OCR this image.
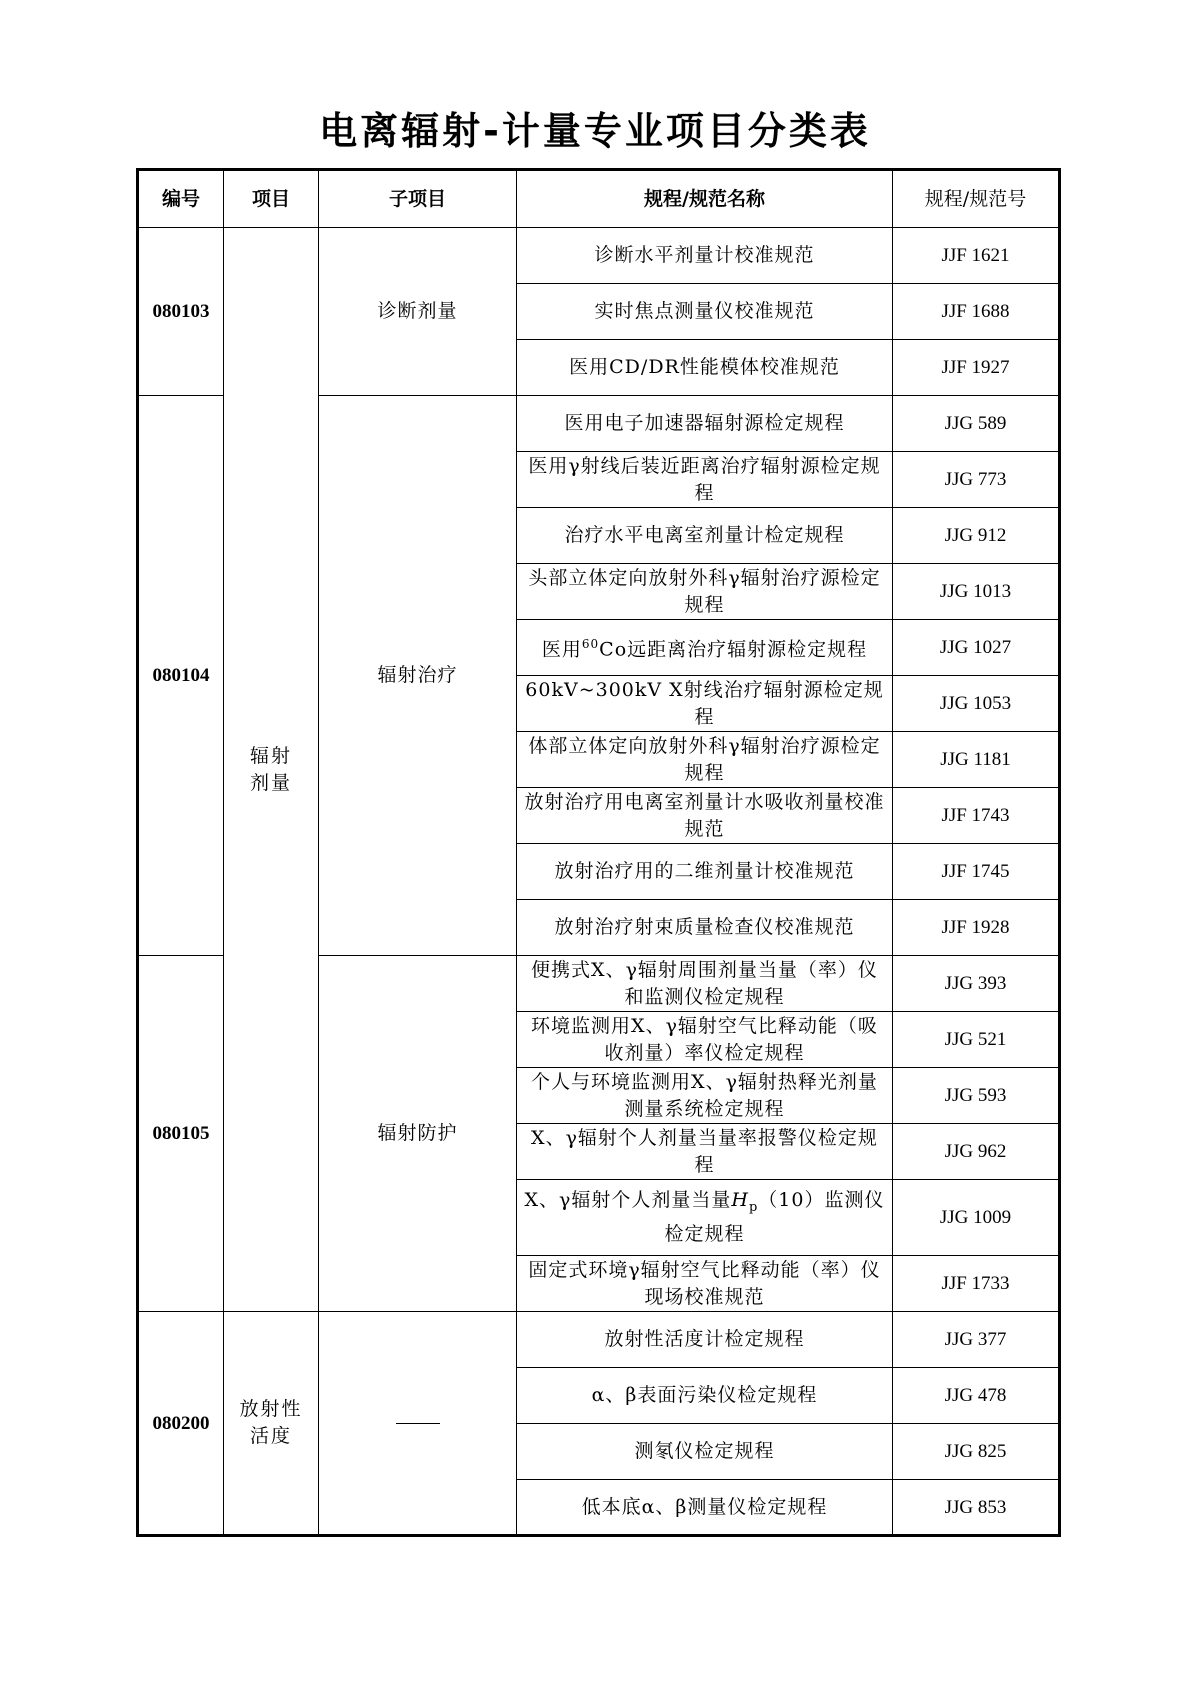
电离辐射-计量专业项目分类表
编号	项目	子项目	规程/规范名称	规程/规范号
080103	辐射剂量	诊断剂量	诊断水平剂量计校准规范	JJF 1621
			实时焦点测量仪校准规范	JJF 1688
			医用CD/DR性能模体校准规范	JJF 1927
080104		辐射治疗	医用电子加速器辐射源检定规程	JJG 589
			医用γ射线后装近距离治疗辐射源检定规程	JJG 773
			治疗水平电离室剂量计检定规程	JJG 912
			头部立体定向放射外科γ辐射治疗源检定规程	JJG 1013
			医用$^{60}$Co远距离治疗辐射源检定规程	JJG 1027
			60kV~300kV X射线治疗辐射源检定规程	JJG 1053
			体部立体定向放射外科γ辐射治疗源检定规程	JJG 1181
			放射治疗用电离室剂量计水吸收剂量校准规范	JJF 1743
			放射治疗用的二维剂量计校准规范	JJF 1745
			放射治疗射束质量检查仪校准规范	JJF 1928
080105		辐射防护	便携式X、γ辐射周围剂量当量（率）仪和监测仪检定规程	JJG 393
			环境监测用X、γ辐射空气比释动能（吸收剂量）率仪检定规程	JJG 521
			个人与环境监测用X、γ辐射热释光剂量测量系统检定规程	JJG 593
			X、γ辐射个人剂量当量率报警仪检定规程	JJG 962
			X、γ辐射个人剂量当量$H_p(10)$监测仪检定规程	JJG 1009
			固定式环境γ辐射空气比释动能（率）仪现场校准规范	JJF 1733
080200	放射性活度		放射性活度计检定规程	JJG 377
			α、β表面污染仪检定规程	JJG 478
			测氡仪检定规程	JJG 825
			低本底α、β测量仪检定规程	JJG 853
